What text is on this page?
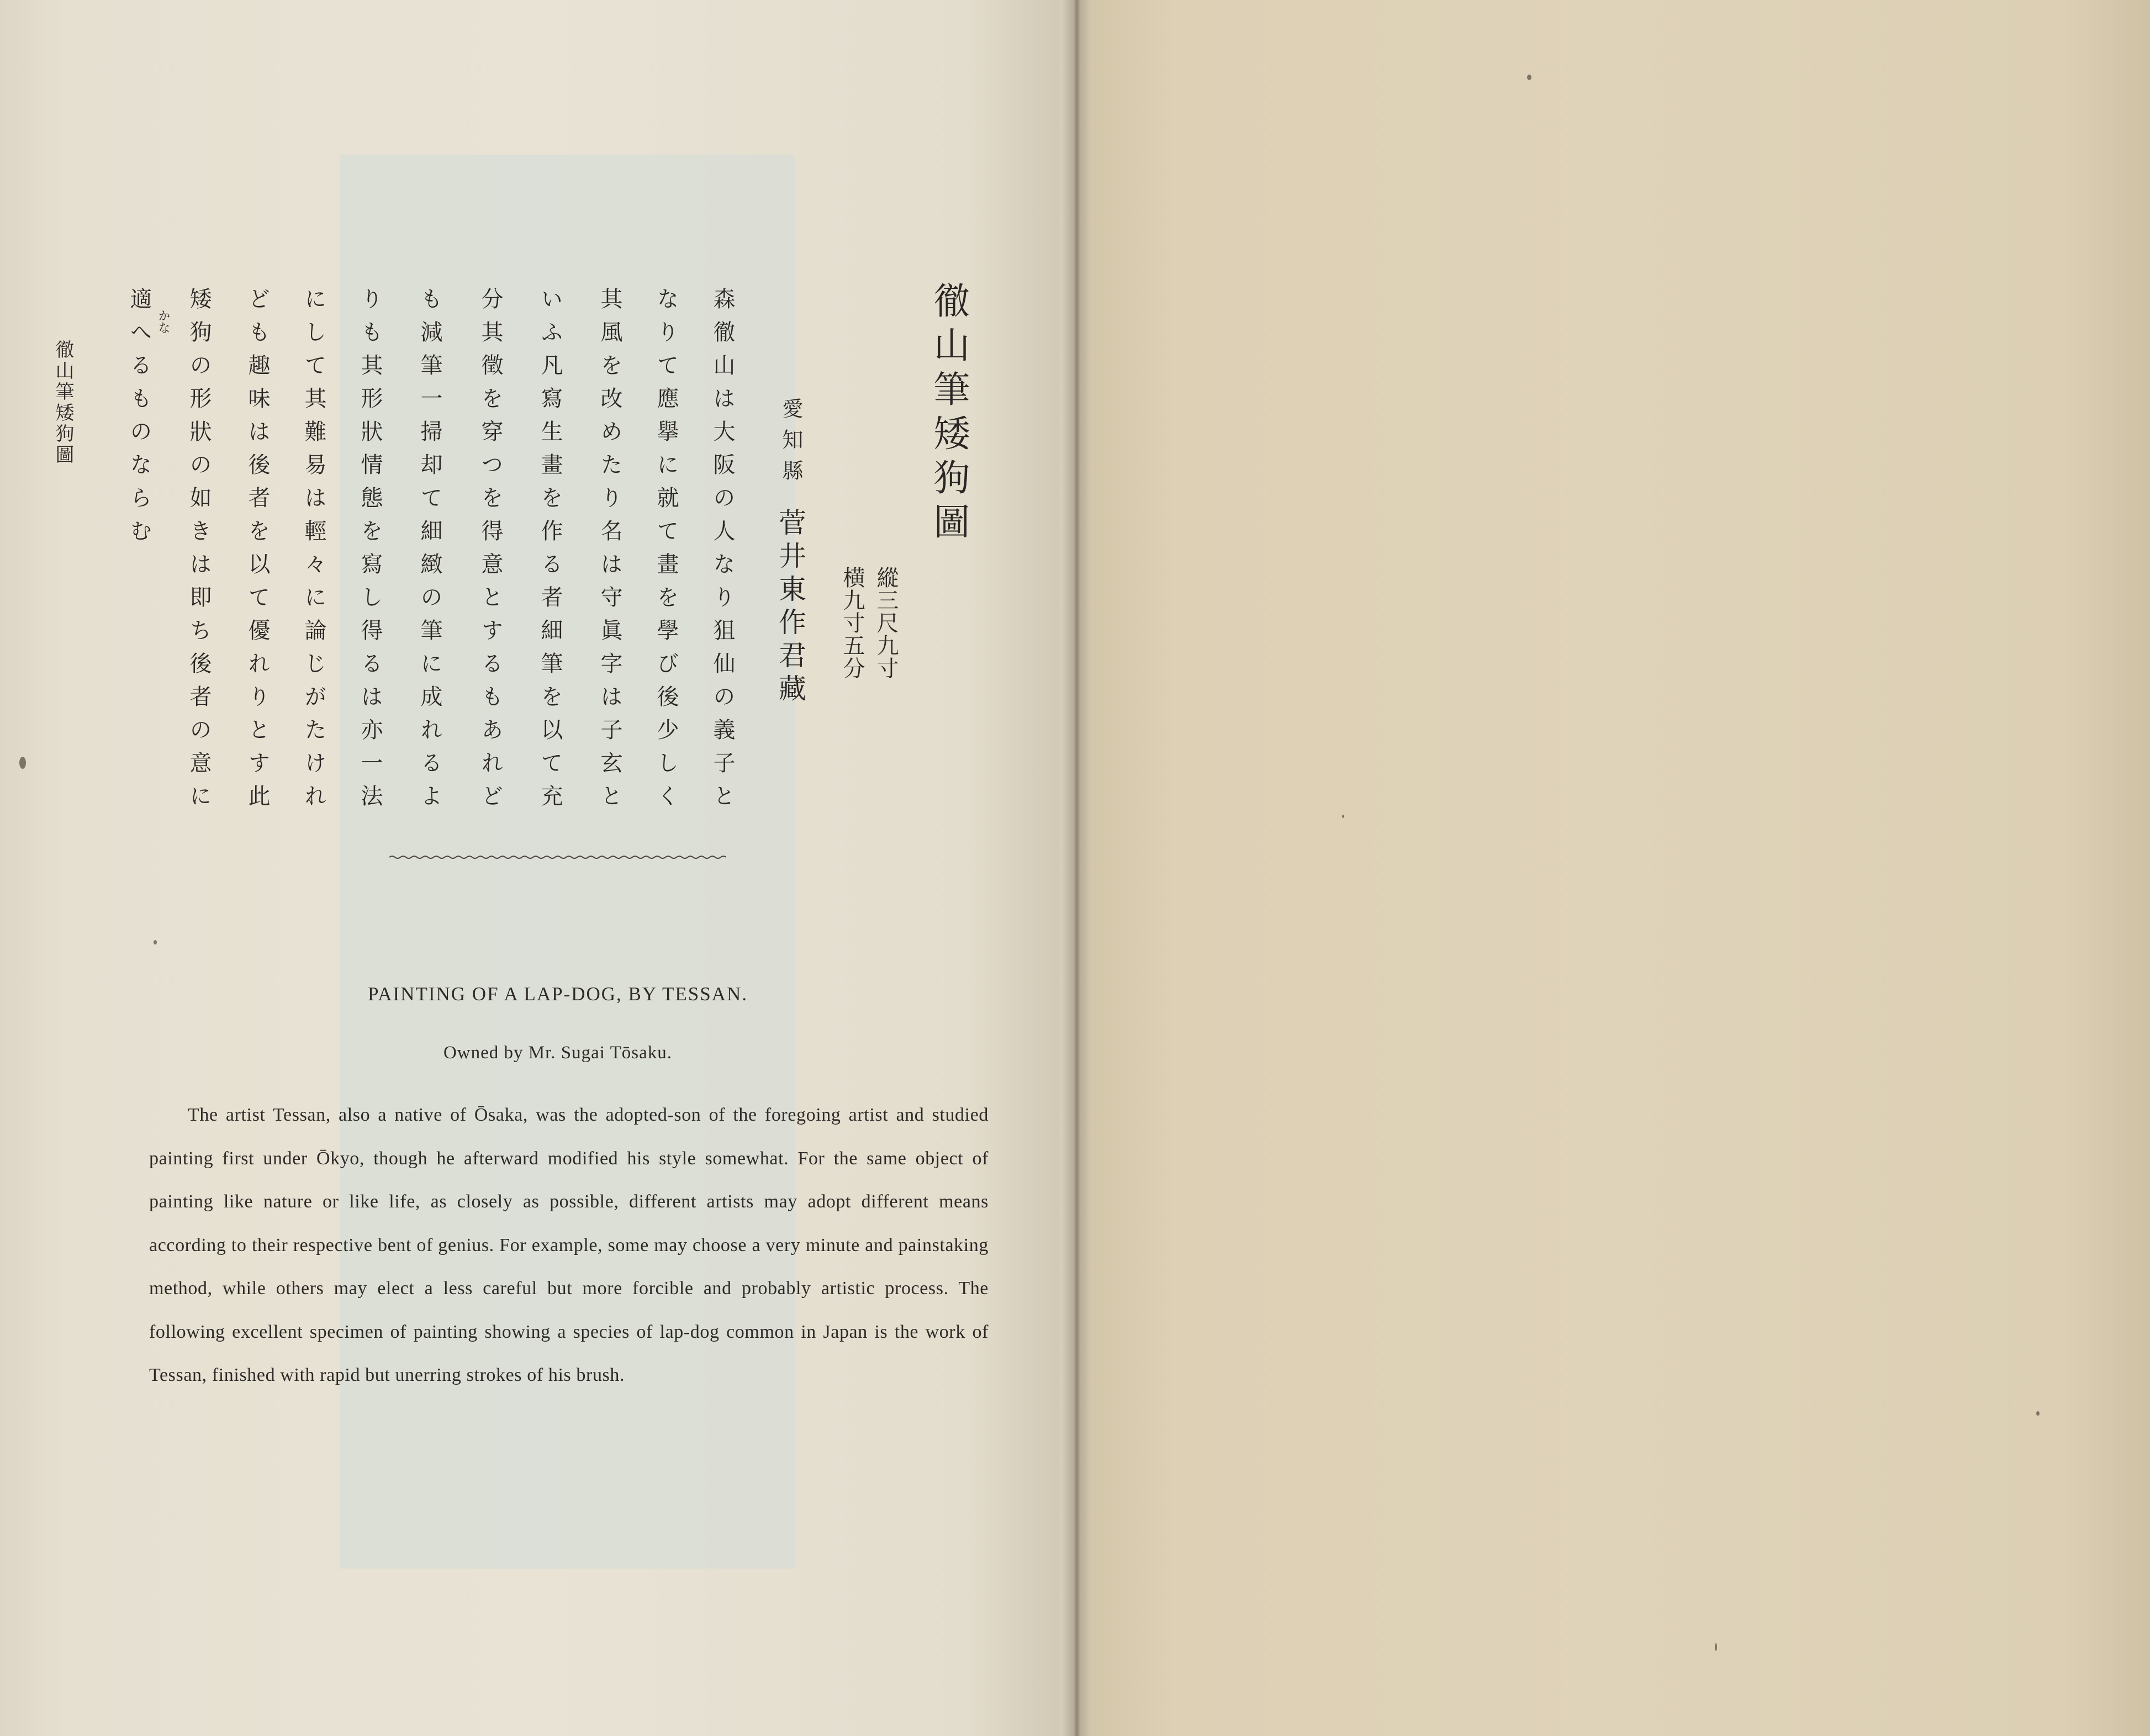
徹山筆矮狗圖
縱三尺九寸
横九寸五分
愛知縣
菅井東作君藏
森徹山は大阪の人なり狙仙の義子と
なりて應擧に就て畫を學び後少しく
其風を改めたり名は守眞字は子玄と
いふ凡寫生畫を作る者細筆を以て充
分其徵を穿つを得意とするもあれど
も減筆一掃却て細緻の筆に成れるよ
りも其形狀情態を寫し得るは亦一法
にして其難易は輕々に論じがたけれ
ども趣味は後者を以て優れりとす此
矮狗の形狀の如きは即ち後者の意に
適へるものならむ かな
徹山筆矮狗圖
PAINTING OF A LAP-DOG, BY TESSAN.
Owned by Mr. Sugai Tōsaku.
The artist Tessan, also a native of Ōsaka, was the adopted-son of the foregoing artist and studied painting first under Ōkyo, though he afterward modified his style somewhat. For the same object of painting like nature or like life, as closely as possible, different artists may adopt different means according to their respective bent of genius. For example, some may choose a very minute and painstaking method, while others may elect a less careful but more forcible and probably artistic process. The following excellent specimen of painting showing a species of lap-dog common in Japan is the work of Tessan, finished with rapid but unerring strokes of his brush.
